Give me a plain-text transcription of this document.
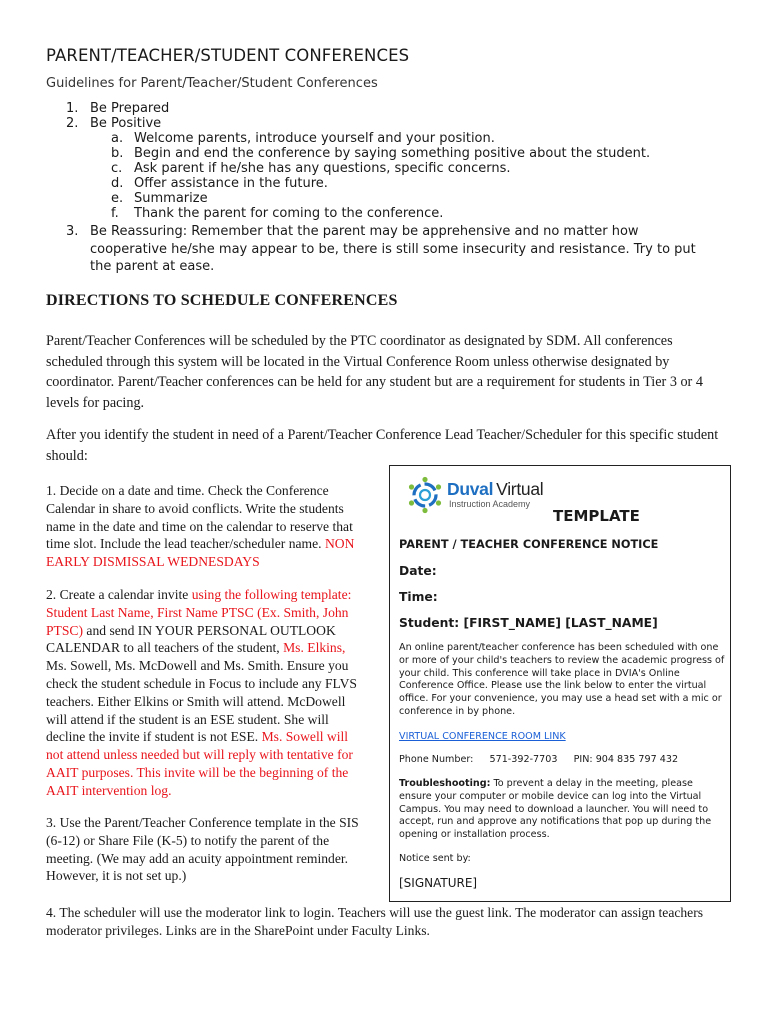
PARENT/TEACHER/STUDENT CONFERENCES
Guidelines for Parent/Teacher/Student Conferences
1. Be Prepared
2. Be Positive
a. Welcome parents, introduce yourself and your position.
b. Begin and end the conference by saying something positive about the student.
c. Ask parent if he/she has any questions, specific concerns.
d. Offer assistance in the future.
e. Summarize
f. Thank the parent for coming to the conference.
3. Be Reassuring: Remember that the parent may be apprehensive and no matter how cooperative he/she may appear to be, there is still some insecurity and resistance. Try to put the parent at ease.
DIRECTIONS TO SCHEDULE CONFERENCES
Parent/Teacher Conferences will be scheduled by the PTC coordinator as designated by SDM. All conferences scheduled through this system will be located in the Virtual Conference Room unless otherwise designated by coordinator. Parent/Teacher conferences can be held for any student but are a requirement for students in Tier 3 or 4 levels for pacing.
After you identify the student in need of a Parent/Teacher Conference Lead Teacher/Scheduler for this specific student should:
1. Decide on a date and time. Check the Conference Calendar in share to avoid conflicts. Write the students name in the date and time on the calendar to reserve that time slot. Include the lead teacher/scheduler name. NON EARLY DISMISSAL WEDNESDAYS
2. Create a calendar invite using the following template: Student Last Name, First Name PTSC (Ex. Smith, John PTSC) and send IN YOUR PERSONAL OUTLOOK CALENDAR to all teachers of the student, Ms. Elkins, Ms. Sowell, Ms. McDowell and Ms. Smith. Ensure you check the student schedule in Focus to include any FLVS teachers. Either Elkins or Smith will attend. McDowell will attend if the student is an ESE student. She will decline the invite if student is not ESE. Ms. Sowell will not attend unless needed but will reply with tentative for AAIT purposes. This invite will be the beginning of the AAIT intervention log.
3. Use the Parent/Teacher Conference template in the SIS (6-12) or Share File (K-5) to notify the parent of the meeting. (We may add an acuity appointment reminder. However, it is not set up.)
4. The scheduler will use the moderator link to login. Teachers will use the guest link. The moderator can assign teachers moderator privileges. Links are in the SharePoint under Faculty Links.
Duval Virtual
Instruction Academy
TEMPLATE
PARENT / TEACHER CONFERENCE NOTICE
Date:
Time:
Student: [FIRST_NAME] [LAST_NAME]
An online parent/teacher conference has been scheduled with one or more of your child's teachers to review the academic progress of your child. This conference will take place in DVIA's Online Conference Office. Please use the link below to enter the virtual office. For your convenience, you may use a head set with a mic or conference in by phone.
VIRTUAL CONFERENCE ROOM LINK
Phone Number: 571-392-7703 PIN: 904 835 797 432
Troubleshooting: To prevent a delay in the meeting, please ensure your computer or mobile device can log into the Virtual Campus. You may need to download a launcher. You will need to accept, run and approve any notifications that pop up during the opening or installation process.
Notice sent by:
[SIGNATURE]
